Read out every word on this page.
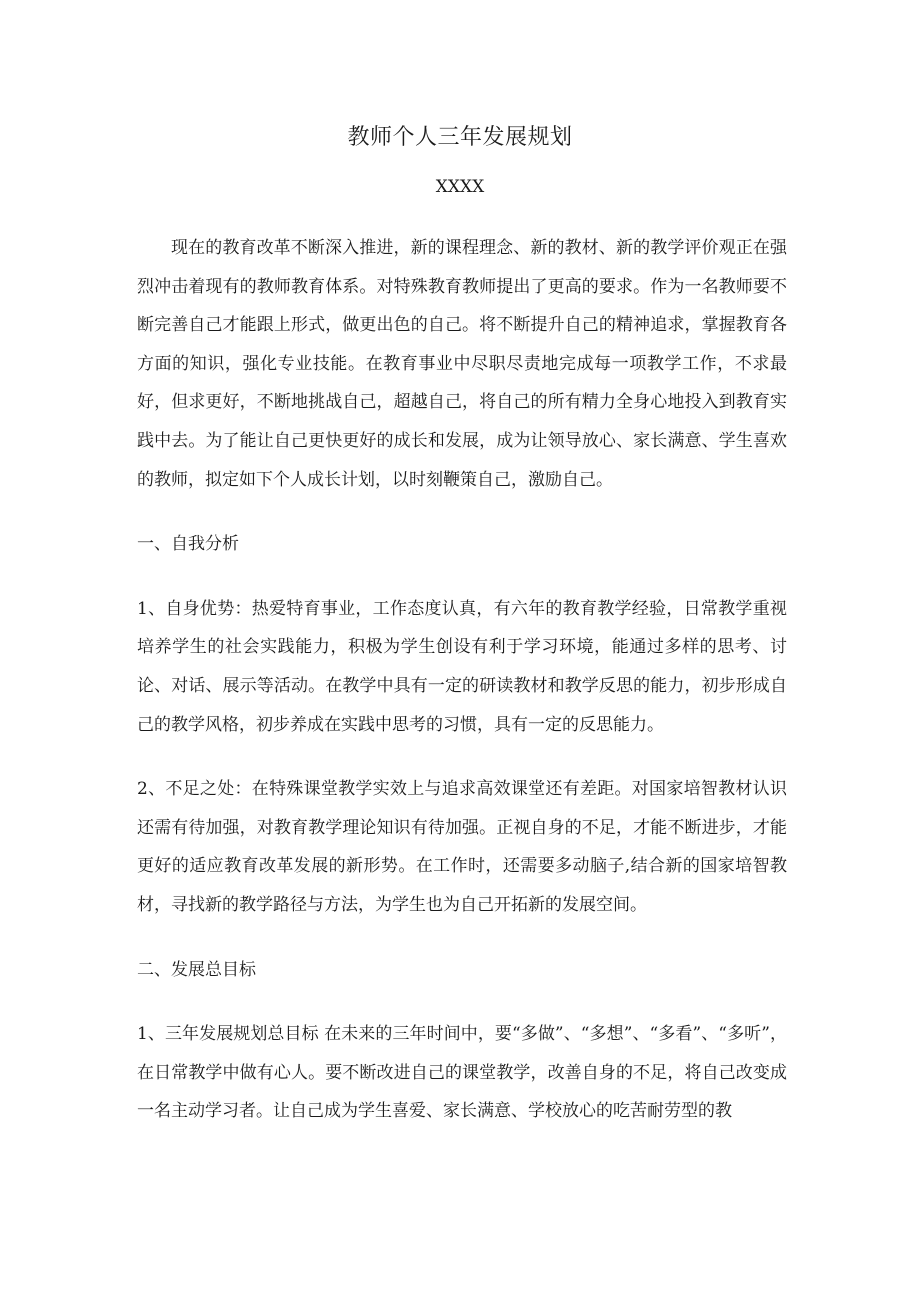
教师个人三年发展规划
XXXX

现在的教育改革不断深入推进，新的课程理念、新的教材、新的教学评价观正在强烈冲击着现有的教师教育体系。对特殊教育教师提出了更高的要求。作为一名教师要不断完善自己才能跟上形式，做更出色的自己。将不断提升自己的精神追求，掌握教育各方面的知识，强化专业技能。在教育事业中尽职尽责地完成每一项教学工作，不求最好，但求更好，不断地挑战自己，超越自己，将自己的所有精力全身心地投入到教育实践中去。为了能让自己更快更好的成长和发展，成为让领导放心、家长满意、学生喜欢的教师，拟定如下个人成长计划，以时刻鞭策自己，激励自己。

一、自我分析

1、自身优势：热爱特育事业，工作态度认真，有六年的教育教学经验，日常教学重视培养学生的社会实践能力，积极为学生创设有利于学习环境，能通过多样的思考、讨论、对话、展示等活动。在教学中具有一定的研读教材和教学反思的能力，初步形成自己的教学风格，初步养成在实践中思考的习惯，具有一定的反思能力。

2、不足之处：在特殊课堂教学实效上与追求高效课堂还有差距。对国家培智教材认识还需有待加强，对教育教学理论知识有待加强。正视自身的不足，才能不断进步，才能更好的适应教育改革发展的新形势。在工作时，还需要多动脑子,结合新的国家培智教材，寻找新的教学路径与方法，为学生也为自己开拓新的发展空间。

二、发展总目标

1、三年发展规划总目标 在未来的三年时间中，要“多做”、“多想”、“多看”、“多听”，在日常教学中做有心人。要不断改进自己的课堂教学，改善自身的不足，将自己改变成一名主动学习者。让自己成为学生喜爱、家长满意、学校放心的吃苦耐劳型的教
